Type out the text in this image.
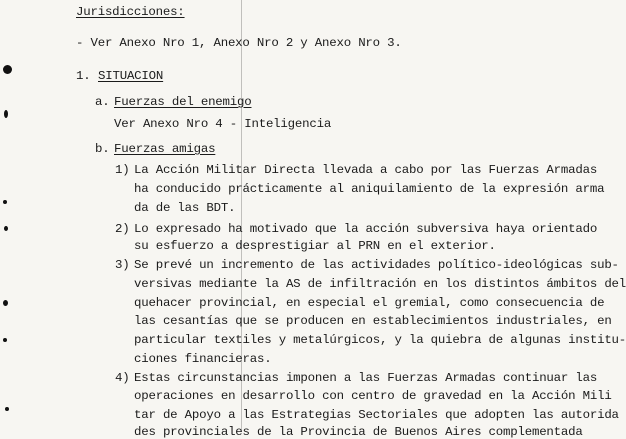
Jurisdicciones:
- Ver Anexo Nro 1, Anexo Nro 2 y Anexo Nro 3.
1. SITUACION
a. Fuerzas del enemigo
Ver Anexo Nro 4 - Inteligencia
b. Fuerzas amigas
1) La Acción Militar Directa llevada a cabo por las Fuerzas Armadas
ha conducido prácticamente al aniquilamiento de la expresión arma
da de las BDT.
2) Lo expresado ha motivado que la acción subversiva haya orientado
su esfuerzo a desprestigiar al PRN en el exterior.
3) Se prevé un incremento de las actividades político-ideológicas sub-
versivas mediante la AS de infiltración en los distintos ámbitos del
quehacer provincial, en especial el gremial, como consecuencia de
las cesantías que se producen en establecimientos industriales, en
particular textiles y metalúrgicos, y la quiebra de algunas institu-
ciones financieras.
4) Estas circunstancias imponen a las Fuerzas Armadas continuar las
operaciones en desarrollo con centro de gravedad en la Acción Mili
tar de Apoyo a las Estrategias Sectoriales que adopten las autorida
des provinciales de la Provincia de Buenos Aires complementada
